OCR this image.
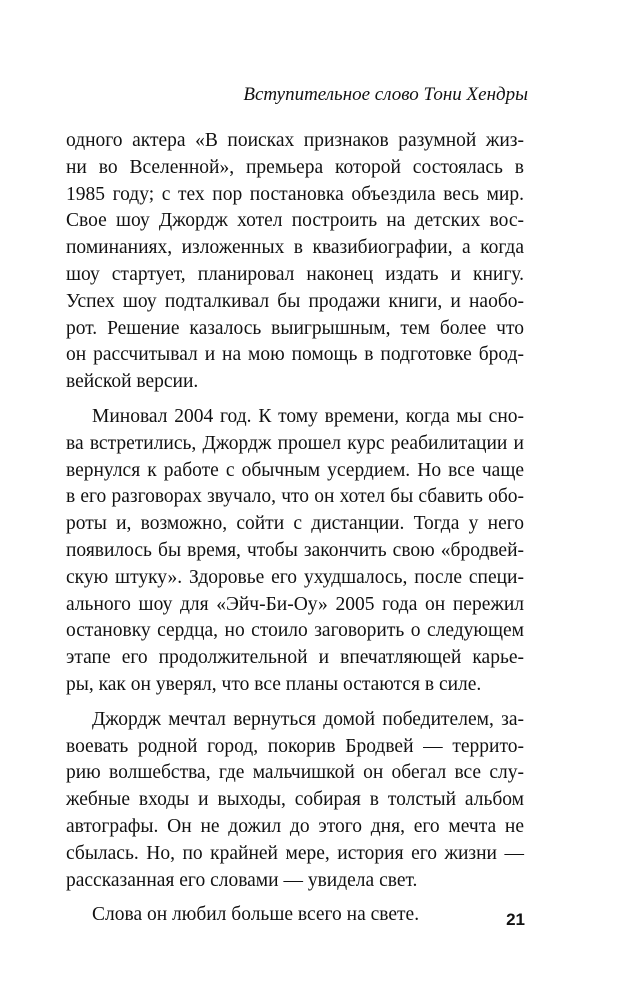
Вступительное слово Тони Хендры
одного актера «В поисках признаков разумной жиз-
ни во Вселенной», премьера которой состоялась в
1985 году; с тех пор постановка объездила весь мир.
Свое шоу Джордж хотел построить на детских вос-
поминаниях, изложенных в квазибиографии, а когда
шоу стартует, планировал наконец издать и книгу.
Успех шоу подталкивал бы продажи книги, и наобо-
рот. Решение казалось выигрышным, тем более что
он рассчитывал и на мою помощь в подготовке брод-
вейской версии.
Миновал 2004 год. К тому времени, когда мы сно-
ва встретились, Джордж прошел курс реабилитации и
вернулся к работе с обычным усердием. Но все чаще
в его разговорах звучало, что он хотел бы сбавить обо-
роты и, возможно, сойти с дистанции. Тогда у него
появилось бы время, чтобы закончить свою «бродвей-
скую штуку». Здоровье его ухудшалось, после специ-
ального шоу для «Эйч-Би-Оу» 2005 года он пережил
остановку сердца, но стоило заговорить о следующем
этапе его продолжительной и впечатляющей карье-
ры, как он уверял, что все планы остаются в силе.
Джордж мечтал вернуться домой победителем, за-
воевать родной город, покорив Бродвей — террито-
рию волшебства, где мальчишкой он обегал все слу-
жебные входы и выходы, собирая в толстый альбом
автографы. Он не дожил до этого дня, его мечта не
сбылась. Но, по крайней мере, история его жизни —
рассказанная его словами — увидела свет.
Слова он любил больше всего на свете.	21
